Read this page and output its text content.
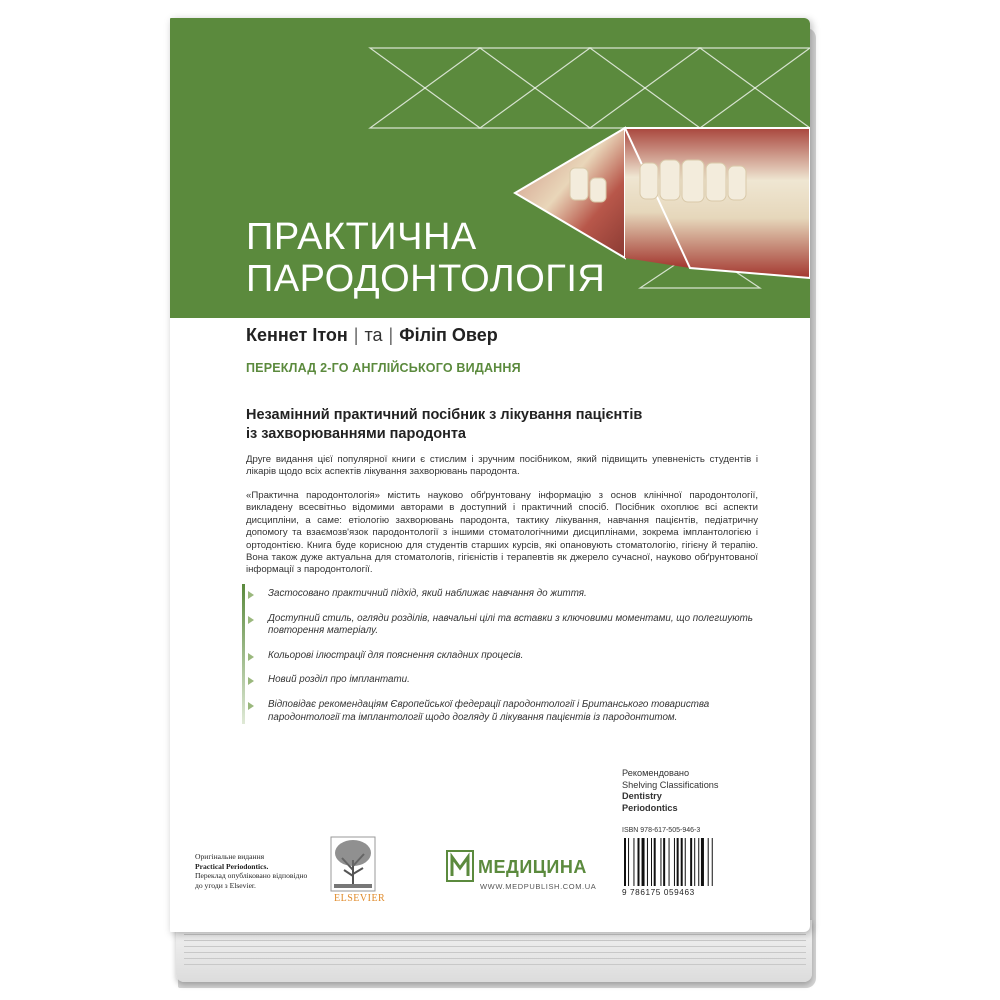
ПРАКТИЧНА
ПАРОДОНТОЛОГІЯ
Кеннет Ітон | та | Філіп Овер
ПЕРЕКЛАД 2-ГО АНГЛІЙСЬКОГО ВИДАННЯ
Незамінний практичний посібник з лікування пацієнтів
із захворюваннями пародонта
Друге видання цієї популярної книги є стислим і зручним посібником, який підвищить упевненість студентів і лікарів щодо всіх аспектів лікування захворювань пародонта.
«Практична пародонтологія» містить науково обґрунтовану інформацію з основ клінічної пародонтології, викладену всесвітньо відомими авторами в доступний і практичний спосіб. Посібник охоплює всі аспекти дисципліни, а саме: етіологію захворювань пародонта, тактику лікування, навчання пацієнтів, педіатричну допомогу та взаємозв'язок пародонтології з іншими стоматологічними дисциплінами, зокрема імплантологією і ортодонтією. Книга буде корисною для студентів старших курсів, які опановують стоматологію, гігієну й терапію. Вона також дуже актуальна для стоматологів, гігієністів і терапевтів як джерело сучасної, науково обґрунтованої інформації з пародонтології.
Застосовано практичний підхід, який наближає навчання до життя.
Доступний стиль, огляди розділів, навчальні цілі та вставки з ключовими моментами, що полегшують повторення матеріалу.
Кольорові ілюстрації для пояснення складних процесів.
Новий розділ про імплантати.
Відповідає рекомендаціям Європейської федерації пародонтології і Британського товариства пародонтології та імплантології щодо догляду й лікування пацієнтів із пародонтитом.
Рекомендовано
Shelving Classifications
Dentistry
Periodontics
ISBN 978-617-505-946-3
9 786175 059463
Оригінальне видання
Practical Periodontics.
Переклад опубліковано відповідно
до угоди з Elsevier.
ELSEVIER
МЕДИЦИНА
WWW.MEDPUBLISH.COM.UA
